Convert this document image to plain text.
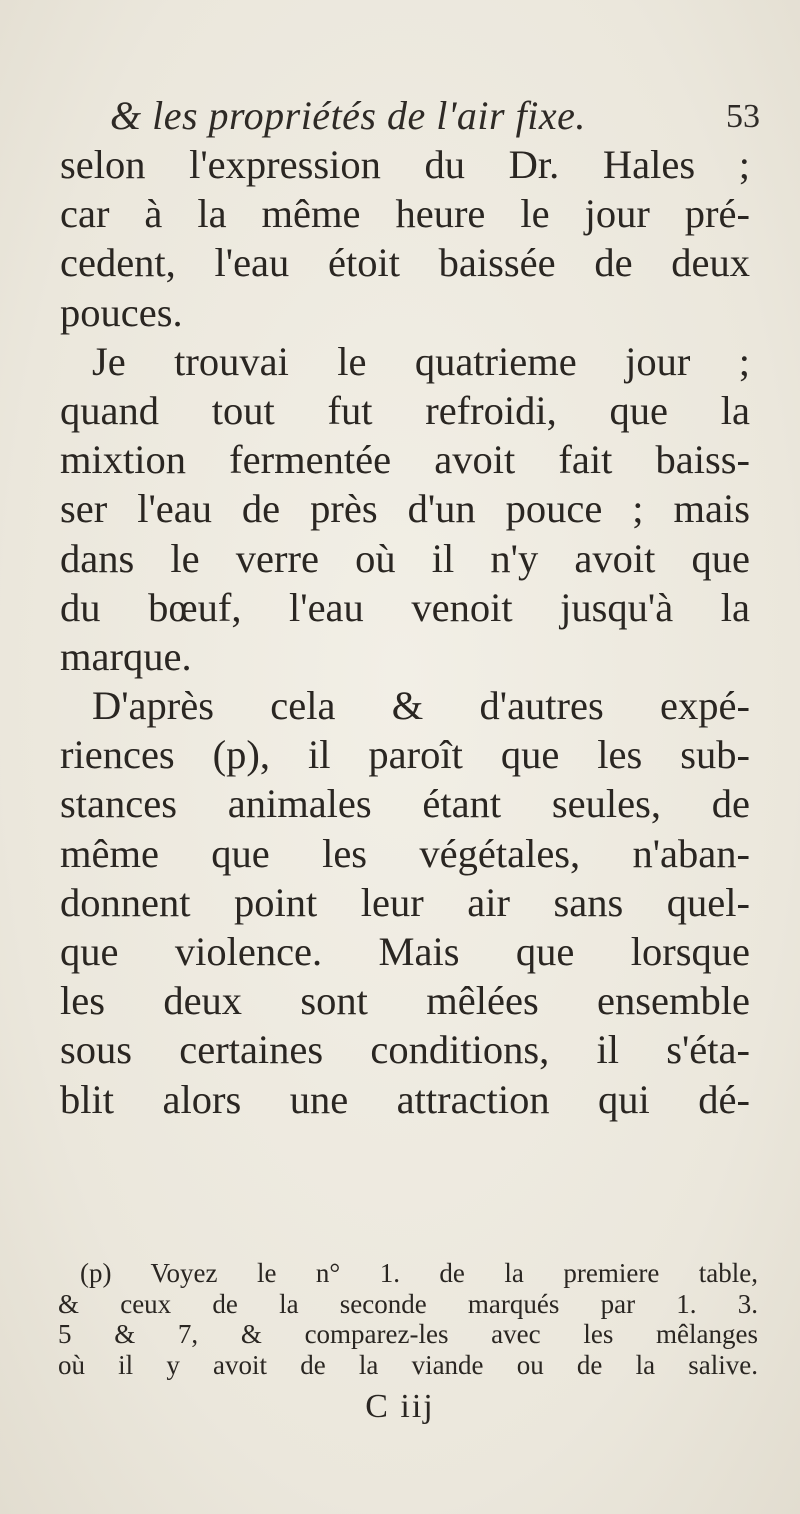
& les propriétés de l'air fixe.	53
selon l'expression du Dr. Hales ;
car à la même heure le jour pré-
cedent, l'eau étoit baissée de deux
pouces.
Je trouvai le quatrieme jour ;
quand tout fut refroidi, que la
mixtion fermentée avoit fait baiss-
ser l'eau de près d'un pouce ; mais
dans le verre où il n'y avoit que
du bœuf, l'eau venoit jusqu'à la
marque.
D'après cela & d'autres expé-
riences (p), il paroît que les sub-
stances animales étant seules, de
même que les végétales, n'aban-
donnent point leur air sans quel-
que violence. Mais que lorsque
les deux sont mêlées ensemble
sous certaines conditions, il s'éta-
blit alors une attraction qui dé-
(p) Voyez le n° 1. de la premiere table,
& ceux de la seconde marqués par 1. 3.
5 & 7, & comparez-les avec les mêlanges
où il y avoit de la viande ou de la salive.
C iij
